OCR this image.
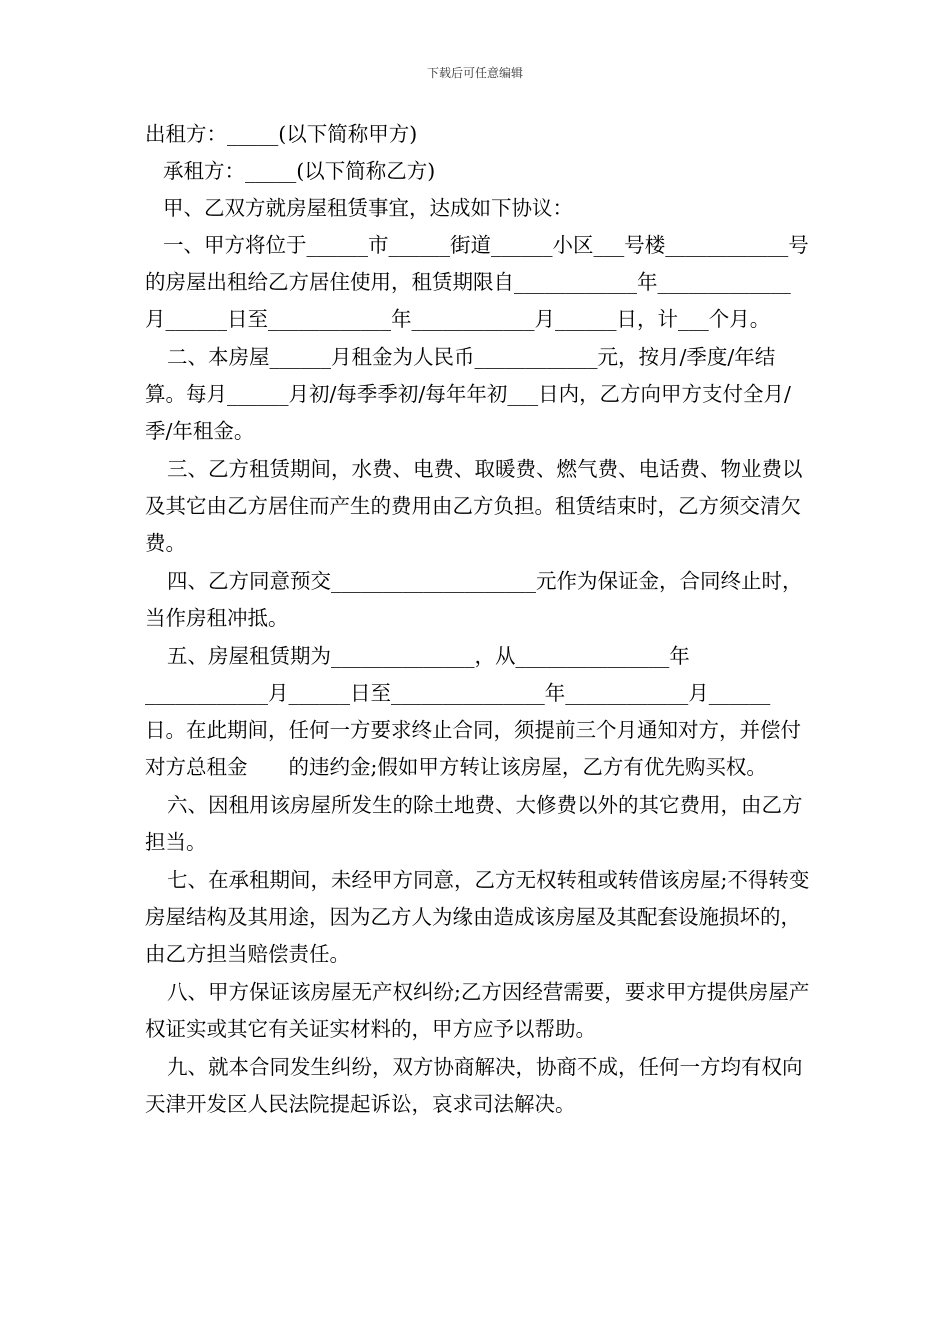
下载后可任意编辑

出租方：_____(以下简称甲方)

承租方：_____(以下简称乙方)

甲、乙双方就房屋租赁事宜，达成如下协议：

一、甲方将位于______市______街道______小区___号楼____________号的房屋出租给乙方居住使用，租赁期限自____________年_____________月______日至____________年____________月______日，计___个月。

二、本房屋______月租金为人民币____________元，按月/季度/年结算。每月______月初/每季季初/每年年初___日内，乙方向甲方支付全月/季/年租金。

三、乙方租赁期间，水费、电费、取暖费、燃气费、电话费、物业费以及其它由乙方居住而产生的费用由乙方负担。租赁结束时，乙方须交清欠费。

四、乙方同意预交____________________元作为保证金，合同终止时，当作房租冲抵。

五、房屋租赁期为______________，从_______________年____________月______日至_______________年____________月______日。在此期间，任何一方要求终止合同，须提前三个月通知对方，并偿付对方总租金　　的违约金;假如甲方转让该房屋，乙方有优先购买权。

六、因租用该房屋所发生的除土地费、大修费以外的其它费用，由乙方担当。

七、在承租期间，未经甲方同意，乙方无权转租或转借该房屋;不得转变房屋结构及其用途，因为乙方人为缘由造成该房屋及其配套设施损坏的，由乙方担当赔偿责任。

八、甲方保证该房屋无产权纠纷;乙方因经营需要，要求甲方提供房屋产权证实或其它有关证实材料的，甲方应予以帮助。

九、就本合同发生纠纷，双方协商解决，协商不成，任何一方均有权向天津开发区人民法院提起诉讼，哀求司法解决。
